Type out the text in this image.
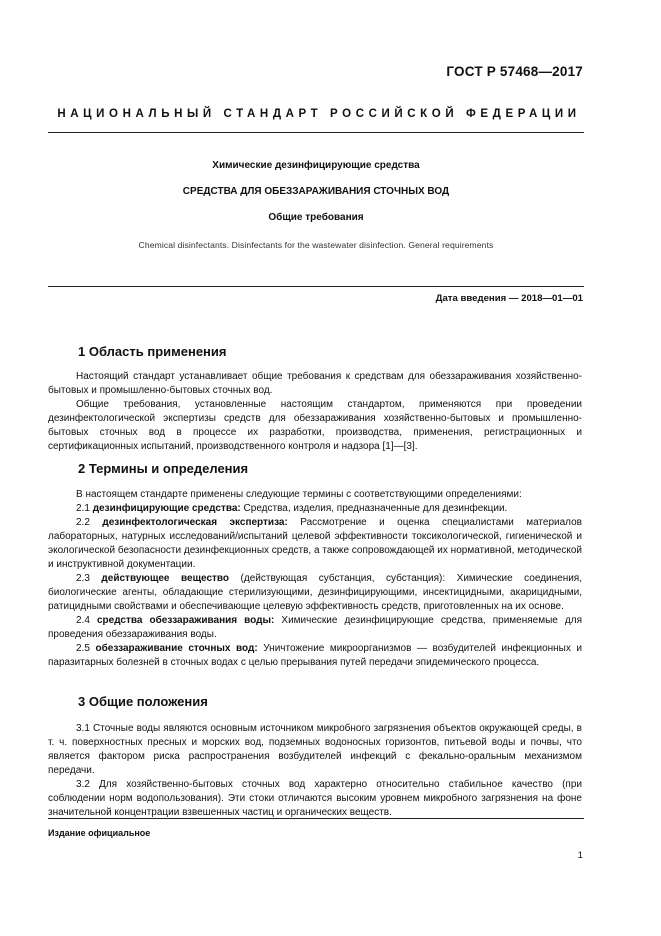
ГОСТ Р 57468—2017
НАЦИОНАЛЬНЫЙ СТАНДАРТ РОССИЙСКОЙ ФЕДЕРАЦИИ
Химические дезинфицирующие средства
СРЕДСТВА ДЛЯ ОБЕЗЗАРАЖИВАНИЯ СТОЧНЫХ ВОД
Общие требования
Chemical disinfectants. Disinfectants for the wastewater disinfection. General requirements
Дата введения — 2018—01—01
1 Область применения

Настоящий стандарт устанавливает общие требования к средствам для обеззараживания хозяйственно-бытовых и промышленно-бытовых сточных вод.

Общие требования, установленные настоящим стандартом, применяются при проведении дезинфектологической экспертизы средств для обеззараживания хозяйственно-бытовых и промышленно-бытовых сточных вод в процессе их разработки, производства, применения, регистрационных и сертификационных испытаний, производственного контроля и надзора [1]—[3].

2 Термины и определения

В настоящем стандарте применены следующие термины с соответствующими определениями:

2.1 дезинфицирующие средства: Средства, изделия, предназначенные для дезинфекции.

2.2 дезинфектологическая экспертиза: Рассмотрение и оценка специалистами материалов лабораторных, натурных исследований/испытаний целевой эффективности токсикологической, гигиенической и экологической безопасности дезинфекционных средств, а также сопровождающей их нормативной, методической и инструктивной документации.

2.3 действующее вещество (действующая субстанция, субстанция): Химические соединения, биологические агенты, обладающие стерилизующими, дезинфицирующими, инсектицидными, акарицидными, ратицидными свойствами и обеспечивающие целевую эффективность средств, приготовленных на их основе.

2.4 средства обеззараживания воды: Химические дезинфицирующие средства, применяемые для проведения обеззараживания воды.

2.5 обеззараживание сточных вод: Уничтожение микроорганизмов — возбудителей инфекционных и паразитарных болезней в сточных водах с целью прерывания путей передачи эпидемического процесса.

3 Общие положения

3.1 Сточные воды являются основным источником микробного загрязнения объектов окружающей среды, в т. ч. поверхностных пресных и морских вод, подземных водоносных горизонтов, питьевой воды и почвы, что является фактором риска распространения возбудителей инфекций с фекально-оральным механизмом передачи.

3.2 Для хозяйственно-бытовых сточных вод характерно относительно стабильное качество (при соблюдении норм водопользования). Эти стоки отличаются высоким уровнем микробного загрязнения на фоне значительной концентрации взвешенных частиц и органических веществ.

Издание официальное
1
